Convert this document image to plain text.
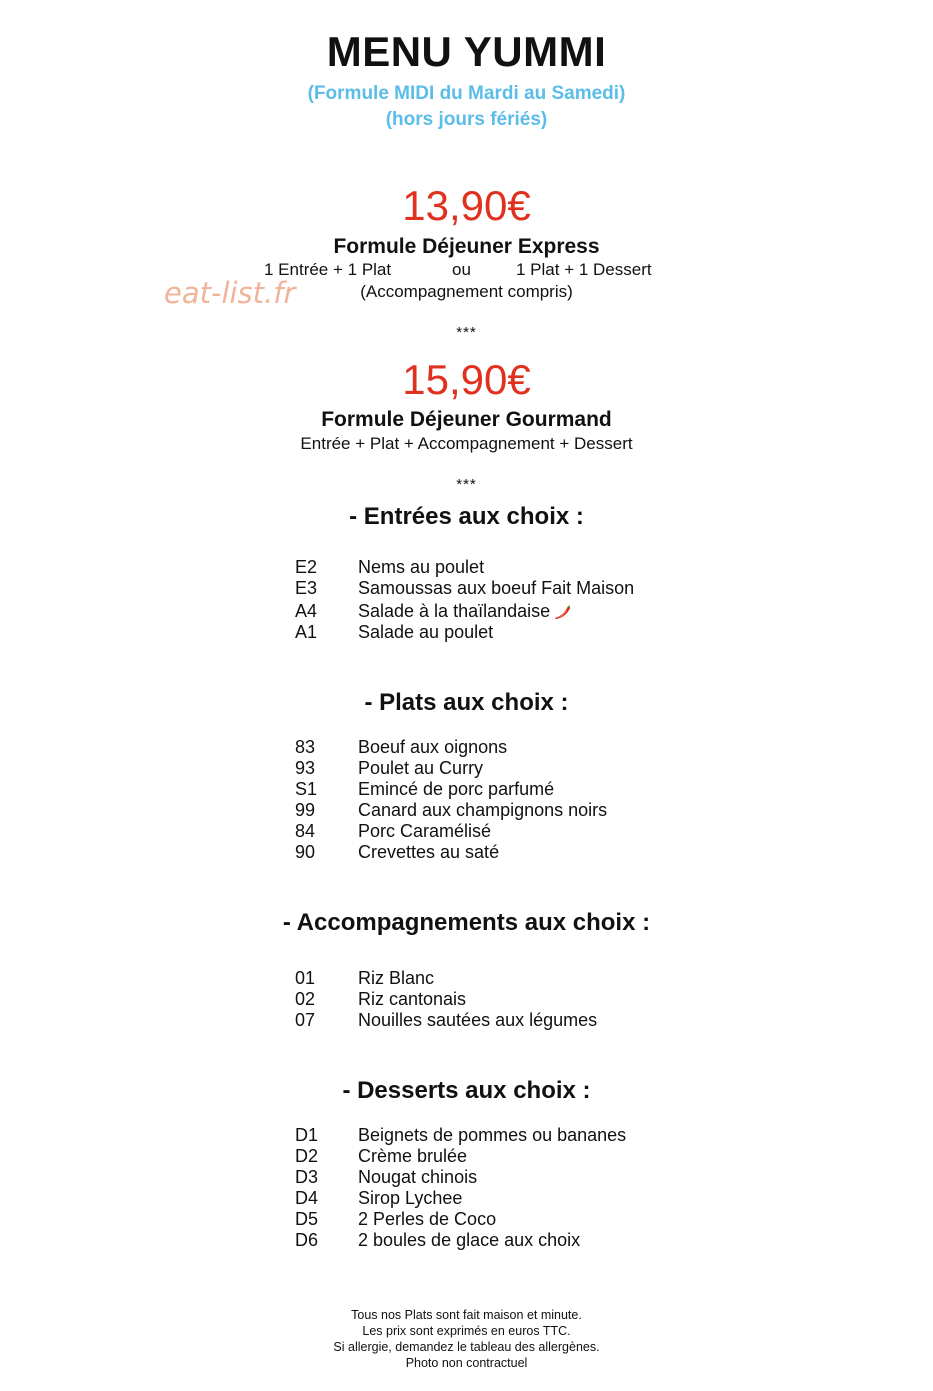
MENU YUMMI
(Formule MIDI du Mardi au Samedi)
(hors jours fériés)
13,90€
Formule Déjeuner Express
1 Entrée + 1 Plat	ou	1 Plat + 1 Dessert
(Accompagnement compris)
eat-list.fr
***
15,90€
Formule Déjeuner Gourmand
Entrée + Plat + Accompagnement + Dessert
***
- Entrées aux choix :
E2	Nems au poulet
E3	Samoussas aux boeuf Fait Maison
A4	Salade à la thaïlandaise
A1	Salade au poulet
- Plats aux choix :
83	Boeuf aux oignons
93	Poulet au Curry
S1	Emincé de porc parfumé
99	Canard aux champignons noirs
84	Porc Caramélisé
90	Crevettes au saté
- Accompagnements aux choix :
01	Riz Blanc
02	Riz cantonais
07	Nouilles sautées aux légumes
- Desserts aux choix :
D1	Beignets de pommes ou bananes
D2	Crème brulée
D3	Nougat chinois
D4	Sirop Lychee
D5	2 Perles de Coco
D6	2 boules de glace aux choix
Tous nos Plats sont fait maison et minute.
Les prix sont exprimés en euros TTC.
Si allergie, demandez le tableau des allergènes.
Photo non contractuel
